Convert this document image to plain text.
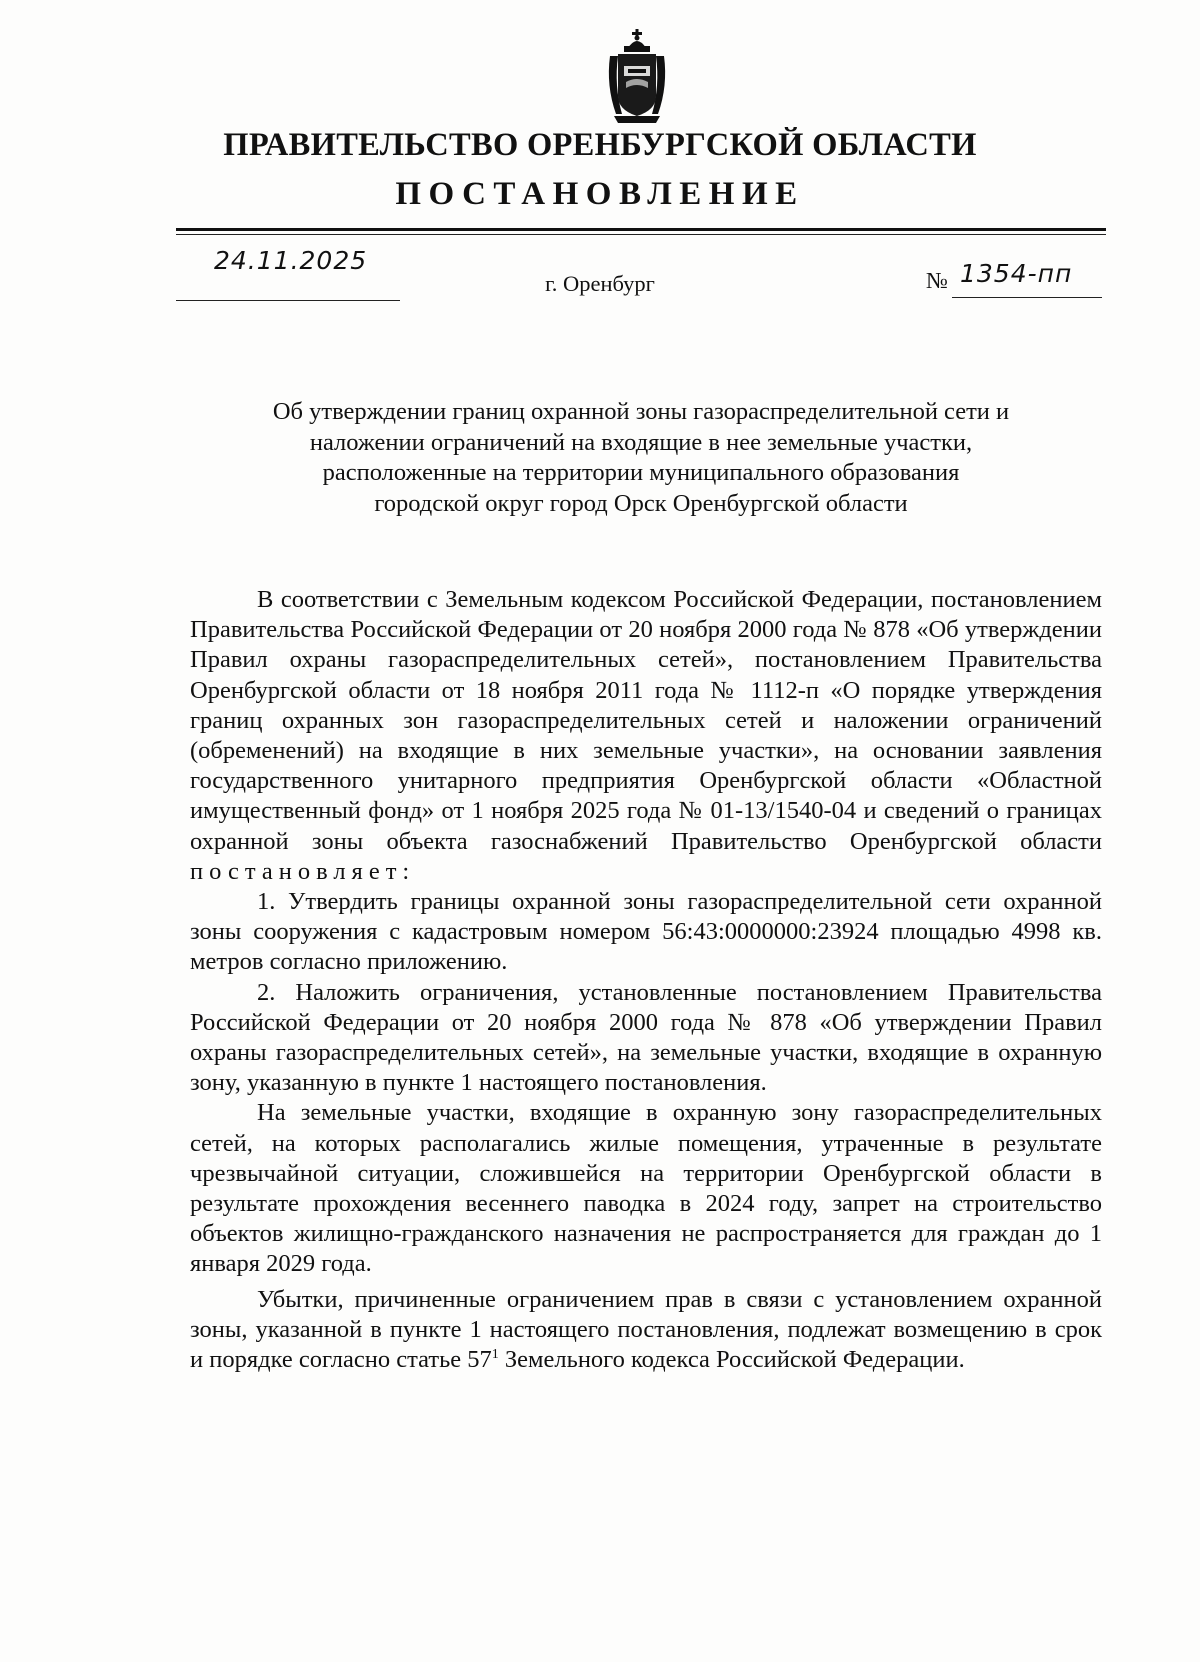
ПРАВИТЕЛЬСТВО ОРЕНБУРГСКОЙ ОБЛАСТИ
ПОСТАНОВЛЕНИЕ
24.11.2025
г. Оренбург	№ 1354-пп
Об утверждении границ охранной зоны газораспределительной сети и
наложении ограничений на входящие в нее земельные участки,
расположенные на территории муниципального образования
городской округ город Орск Оренбургской области

В соответствии с Земельным кодексом Российской Федерации, постановлением Правительства Российской Федерации от 20 ноября 2000 года № 878 «Об утверждении Правил охраны газораспределительных сетей», постановлением Правительства Оренбургской области от 18 ноября 2011 года № 1112-п «О порядке утверждения границ охранных зон газораспределительных сетей и наложении ограничений (обременений) на входящие в них земельные участки», на основании заявления государственного унитарного предприятия Оренбургской области «Областной имущественный фонд» от 1 ноября 2025 года № 01-13/1540-04 и сведений о границах охранной зоны объекта газоснабжений Правительство Оренбургской области постановляет:

1. Утвердить границы охранной зоны газораспределительной сети охранной зоны сооружения с кадастровым номером 56:43:0000000:23924 площадью 4998 кв. метров согласно приложению.

2. Наложить ограничения, установленные постановлением Правительства Российской Федерации от 20 ноября 2000 года № 878 «Об утверждении Правил охраны газораспределительных сетей», на земельные участки, входящие в охранную зону, указанную в пункте 1 настоящего постановления.

На земельные участки, входящие в охранную зону газораспределительных сетей, на которых располагались жилые помещения, утраченные в результате чрезвычайной ситуации, сложившейся на территории Оренбургской области в результате прохождения весеннего паводка в 2024 году, запрет на строительство объектов жилищно-гражданского назначения не распространяется для граждан до 1 января 2029 года.

Убытки, причиненные ограничением прав в связи с установлением охранной зоны, указанной в пункте 1 настоящего постановления, подлежат возмещению в срок и порядке согласно статье $57^1$ Земельного кодекса Российской Федерации.
